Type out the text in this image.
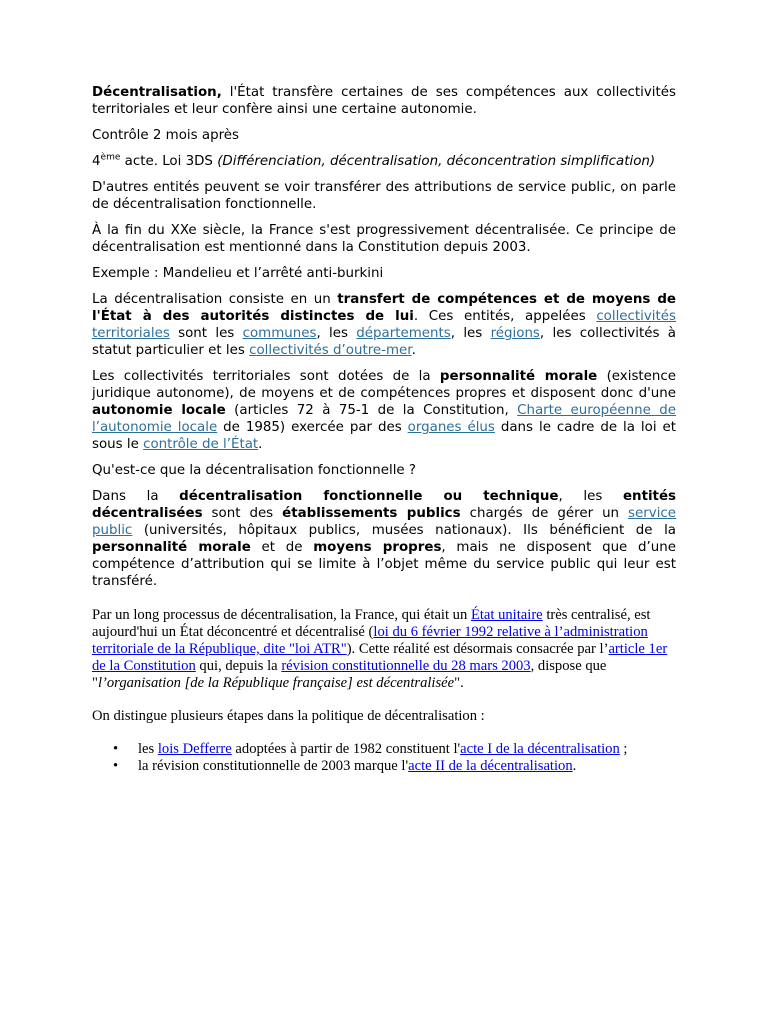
Décentralisation, l'État transfère certaines de ses compétences aux collectivités territoriales et leur confère ainsi une certaine autonomie.

Contrôle 2 mois après

4ème acte. Loi 3DS (Différenciation, décentralisation, déconcentration simplification)

D'autres entités peuvent se voir transférer des attributions de service public, on parle de décentralisation fonctionnelle.

À la fin du XXe siècle, la France s'est progressivement décentralisée. Ce principe de décentralisation est mentionné dans la Constitution depuis 2003.

Exemple : Mandelieu et l’arrêté anti-burkini

La décentralisation consiste en un transfert de compétences et de moyens de l'État à des autorités distinctes de lui. Ces entités, appelées collectivités territoriales sont les communes, les départements, les régions, les collectivités à statut particulier et les collectivités d’outre-mer.

Les collectivités territoriales sont dotées de la personnalité morale (existence juridique autonome), de moyens et de compétences propres et disposent donc d'une autonomie locale (articles 72 à 75-1 de la Constitution, Charte européenne de l’autonomie locale de 1985) exercée par des organes élus dans le cadre de la loi et sous le contrôle de l’État.

Qu'est-ce que la décentralisation fonctionnelle ?

Dans la décentralisation fonctionnelle ou technique, les entités décentralisées sont des établissements publics chargés de gérer un service public (universités, hôpitaux publics, musées nationaux). Ils bénéficient de la personnalité morale et de moyens propres, mais ne disposent que d’une compétence d’attribution qui se limite à l’objet même du service public qui leur est transféré.

Par un long processus de décentralisation, la France, qui était un État unitaire très centralisé, est aujourd'hui un État déconcentré et décentralisé (loi du 6 février 1992 relative à l’administration territoriale de la République, dite "loi ATR"). Cette réalité est désormais consacrée par l’article 1er de la Constitution qui, depuis la révision constitutionnelle du 28 mars 2003, dispose que "l’organisation [de la République française] est décentralisée".

On distingue plusieurs étapes dans la politique de décentralisation :

• les lois Defferre adoptées à partir de 1982 constituent l'acte I de la décentralisation ;
• la révision constitutionnelle de 2003 marque l'acte II de la décentralisation.
